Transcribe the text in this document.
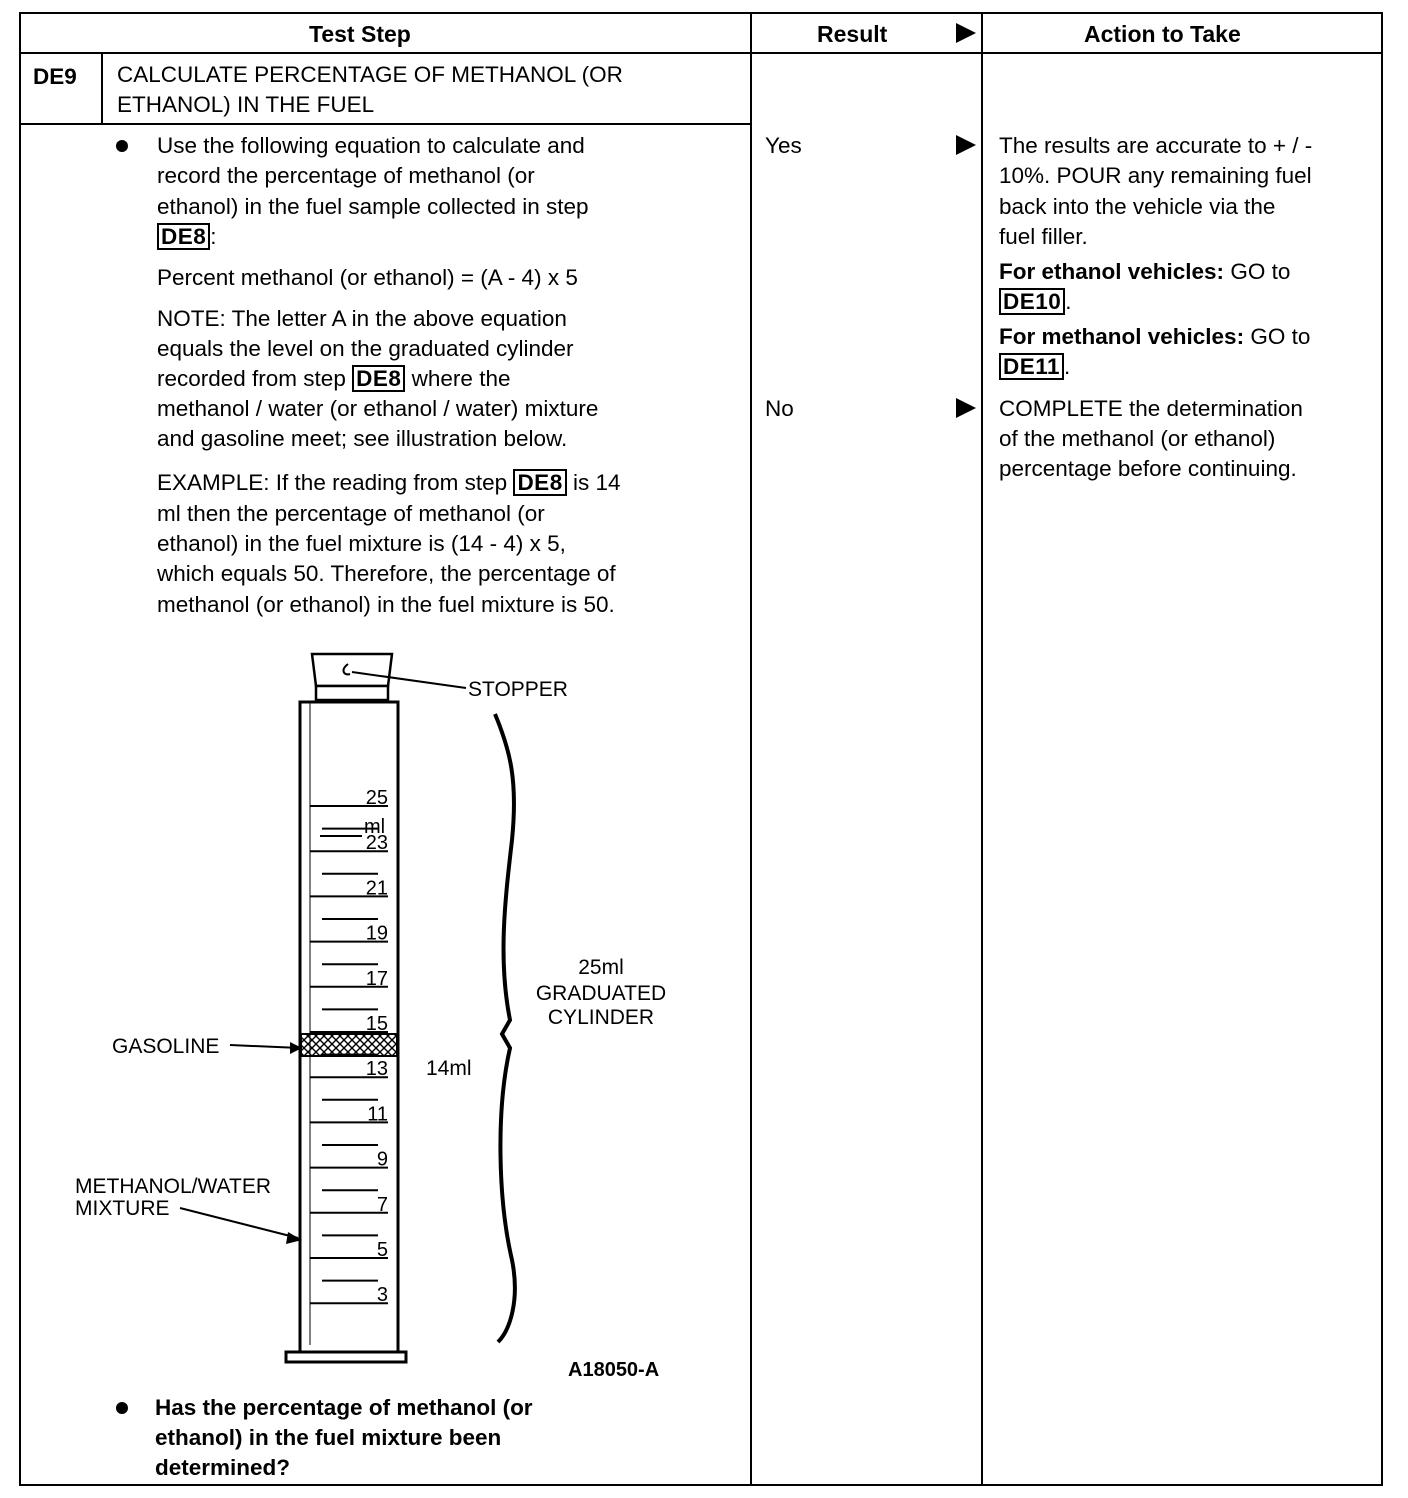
Test Step	Result	Action to Take
DE9 CALCULATE PERCENTAGE OF METHANOL (OR
ETHANOL) IN THE FUEL
Use the following equation to calculate and
record the percentage of methanol (or
ethanol) in the fuel sample collected in step
DE8 :
Percent methanol (or ethanol) = (A - 4) x 5
NOTE: The letter A in the above equation
equals the level on the graduated cylinder
recorded from step DE8 where the
methanol / water (or ethanol / water) mixture
and gasoline meet; see illustration below.
EXAMPLE: If the reading from step DE8 is 14
ml then the percentage of methanol (or
ethanol) in the fuel mixture is (14 - 4) x 5,
which equals 50. Therefore, the percentage of
methanol (or ethanol) in the fuel mixture is 50.
25
23
21
19
17
15
13
11
9
7
5
3
STOPPER
25ml
GRADUATED
CYLINDER
GASOLINE
14ml
METHANOL/WATER
MIXTURE
ml
A18050-A
Has the percentage of methanol (or
ethanol) in the fuel mixture been
determined?
Yes
No
The results are accurate to + / -
10%. POUR any remaining fuel
back into the vehicle via the
fuel filler.
For ethanol vehicles: GO to
DE10 .
For methanol vehicles: GO to
DE11 .
COMPLETE the determination
of the methanol (or ethanol)
percentage before continuing.
